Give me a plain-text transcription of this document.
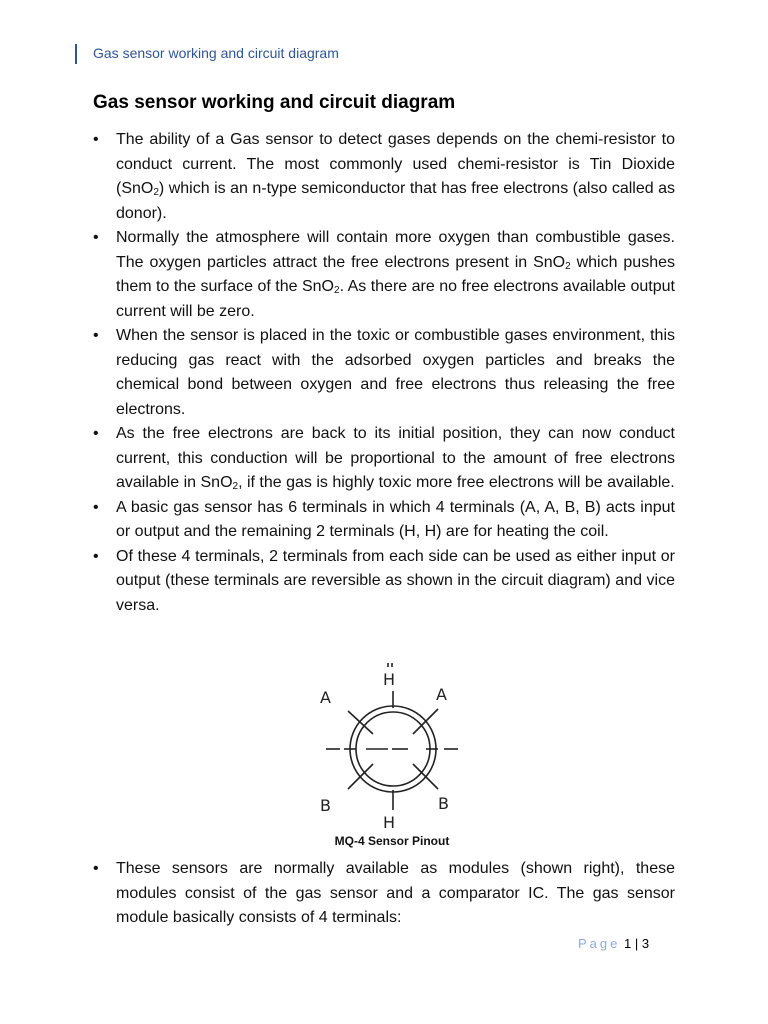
Gas sensor working and circuit diagram
Gas sensor working and circuit diagram
• The ability of a Gas sensor to detect gases depends on the chemi-resistor to conduct current. The most commonly used chemi-resistor is Tin Dioxide (SnO$_2$) which is an n-type semiconductor that has free electrons (also called as donor).
• Normally the atmosphere will contain more oxygen than combustible gases. The oxygen particles attract the free electrons present in SnO$_2$ which pushes them to the surface of the SnO$_2$. As there are no free electrons available output current will be zero.
• When the sensor is placed in the toxic or combustible gases environment, this reducing gas react with the adsorbed oxygen particles and breaks the chemical bond between oxygen and free electrons thus releasing the free electrons.
• As the free electrons are back to its initial position, they can now conduct current, this conduction will be proportional to the amount of free electrons available in SnO$_2$, if the gas is highly toxic more free electrons will be available.
• A basic gas sensor has 6 terminals in which 4 terminals (A, A, B, B) acts input or output and the remaining 2 terminals (H, H) are for heating the coil.
• Of these 4 terminals, 2 terminals from each side can be used as either input or output (these terminals are reversible as shown in the circuit diagram) and vice versa.
H
A	A
B	B
H
MQ-4 Sensor Pinout
• These sensors are normally available as modules (shown right), these modules consist of the gas sensor and a comparator IC. The gas sensor module basically consists of 4 terminals:
Page 1 | 3
